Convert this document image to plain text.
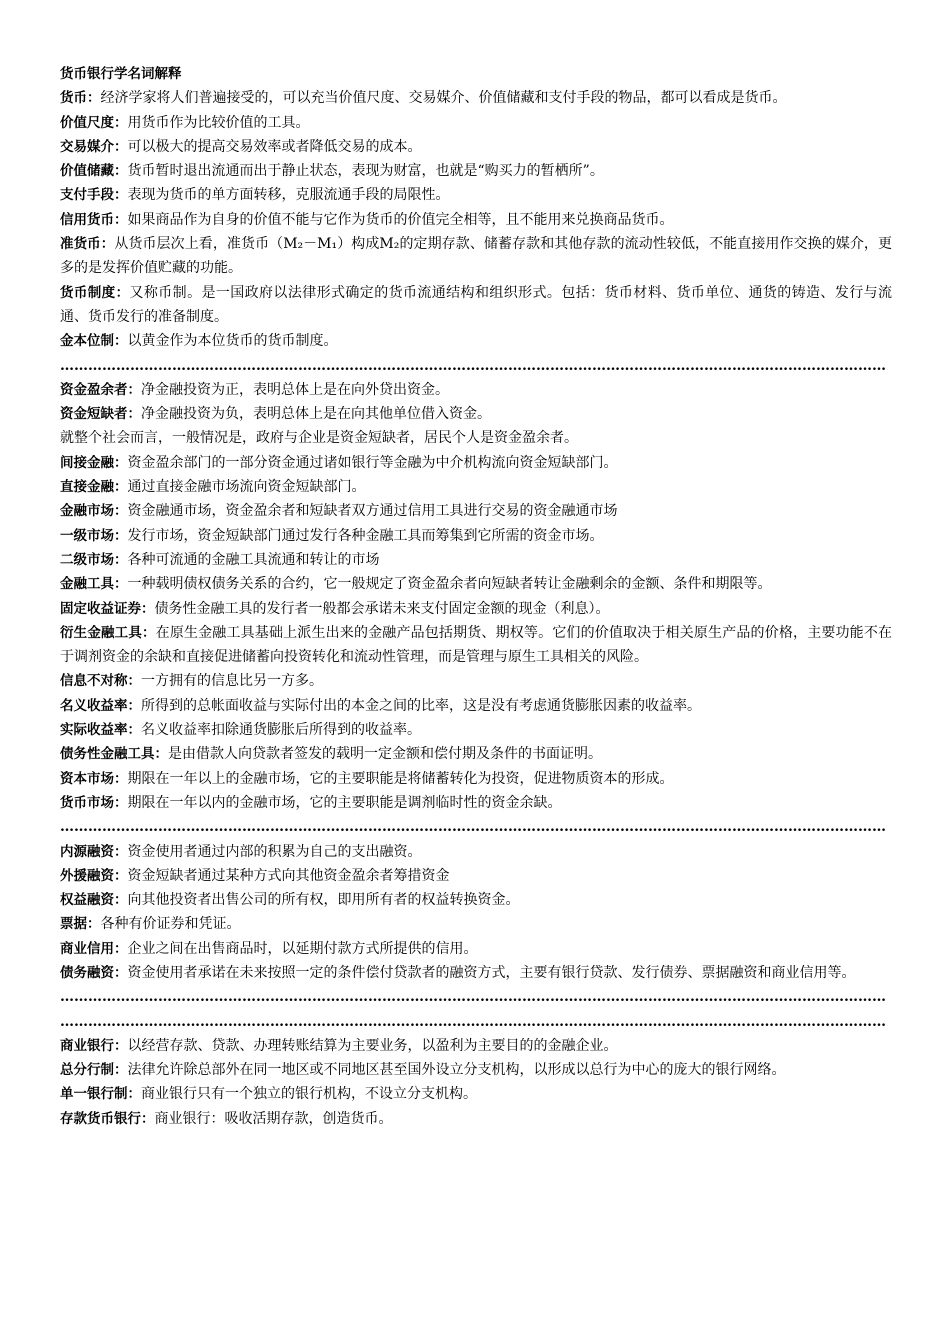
货币银行学名词解释

货币：经济学家将人们普遍接受的，可以充当价值尺度、交易媒介、价值储藏和支付手段的物品，都可以看成是货币。

价值尺度：用货币作为比较价值的工具。

交易媒介：可以极大的提高交易效率或者降低交易的成本。

价值储藏：货币暂时退出流通而出于静止状态，表现为财富，也就是“购买力的暂栖所”。

支付手段：表现为货币的单方面转移，克服流通手段的局限性。

信用货币：如果商品作为自身的价值不能与它作为货币的价值完全相等，且不能用来兑换商品货币。

准货币：从货币层次上看，准货币（M₂－M₁）构成M₂的定期存款、储蓄存款和其他存款的流动性较低，不能直接用作交换的媒介，更多的是发挥价值贮藏的功能。

货币制度：又称币制。是一国政府以法律形式确定的货币流通结构和组织形式。包括：货币材料、货币单位、通货的铸造、发行与流通、货币发行的准备制度。

金本位制：以黄金作为本位货币的货币制度。

……………………………………………………………………………………………………………………………………………………………

资金盈余者：净金融投资为正，表明总体上是在向外贷出资金。

资金短缺者：净金融投资为负，表明总体上是在向其他单位借入资金。

就整个社会而言，一般情况是，政府与企业是资金短缺者，居民个人是资金盈余者。

间接金融：资金盈余部门的一部分资金通过诸如银行等金融为中介机构流向资金短缺部门。

直接金融：通过直接金融市场流向资金短缺部门。

金融市场：资金融通市场，资金盈余者和短缺者双方通过信用工具进行交易的资金融通市场

一级市场：发行市场，资金短缺部门通过发行各种金融工具而筹集到它所需的资金市场。

二级市场：各种可流通的金融工具流通和转让的市场

金融工具：一种载明债权债务关系的合约，它一般规定了资金盈余者向短缺者转让金融剩余的金额、条件和期限等。

固定收益证券：债务性金融工具的发行者一般都会承诺未来支付固定金额的现金（利息）。

衍生金融工具：在原生金融工具基础上派生出来的金融产品包括期货、期权等。它们的价值取决于相关原生产品的价格，主要功能不在于调剂资金的余缺和直接促进储蓄向投资转化和流动性管理，而是管理与原生工具相关的风险。

信息不对称：一方拥有的信息比另一方多。

名义收益率：所得到的总帐面收益与实际付出的本金之间的比率，这是没有考虑通货膨胀因素的收益率。

实际收益率：名义收益率扣除通货膨胀后所得到的收益率。

债务性金融工具：是由借款人向贷款者签发的载明一定金额和偿付期及条件的书面证明。

资本市场：期限在一年以上的金融市场，它的主要职能是将储蓄转化为投资，促进物质资本的形成。

货币市场：期限在一年以内的金融市场，它的主要职能是调剂临时性的资金余缺。

……………………………………………………………………………………………………………………………………………………………

内源融资：资金使用者通过内部的积累为自己的支出融资。

外援融资：资金短缺者通过某种方式向其他资金盈余者筹措资金

权益融资：向其他投资者出售公司的所有权，即用所有者的权益转换资金。

票据：各种有价证券和凭证。

商业信用：企业之间在出售商品时，以延期付款方式所提供的信用。

债务融资：资金使用者承诺在未来按照一定的条件偿付贷款者的融资方式，主要有银行贷款、发行债券、票据融资和商业信用等。

……………………………………………………………………………………………………………………………………………………………
……………………………………………………………………………………………………………………………………………………………

商业银行：以经营存款、贷款、办理转账结算为主要业务，以盈利为主要目的的金融企业。

总分行制：法律允许除总部外在同一地区或不同地区甚至国外设立分支机构，以形成以总行为中心的庞大的银行网络。

单一银行制：商业银行只有一个独立的银行机构，不设立分支机构。

存款货币银行：商业银行：吸收活期存款，创造货币。
